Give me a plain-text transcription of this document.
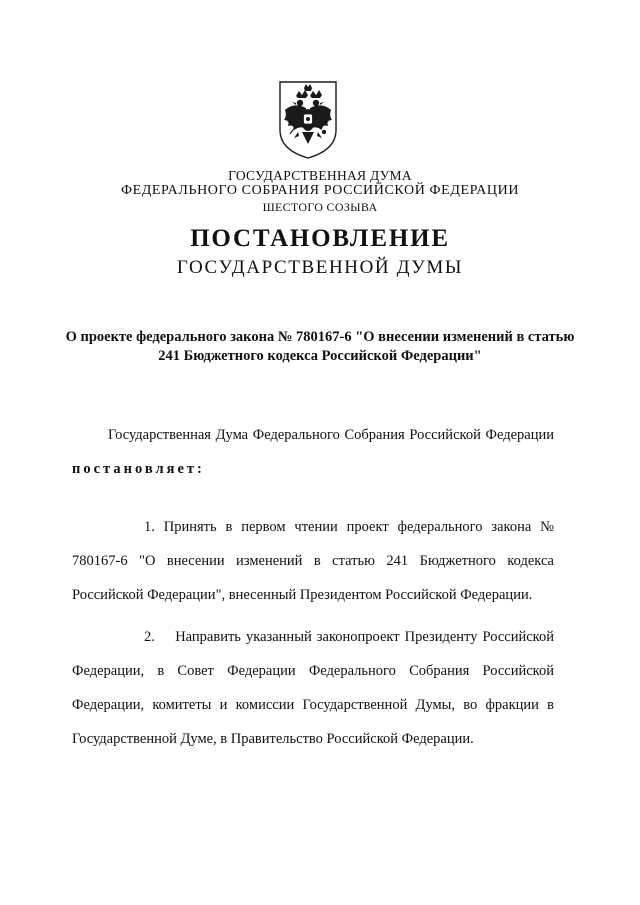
ГОСУДАРСТВЕННАЯ ДУМА
ФЕДЕРАЛЬНОГО СОБРАНИЯ РОССИЙСКОЙ ФЕДЕРАЦИИ
ШЕСТОГО СОЗЫВА
ПОСТАНОВЛЕНИЕ
ГОСУДАРСТВЕННОЙ ДУМЫ
О проекте федерального закона № 780167-6 "О внесении изменений в статью 241 Бюджетного кодекса Российской Федерации"
Государственная Дума Федерального Собрания Российской Федерации постановляет:
1. Принять в первом чтении проект федерального закона № 780167-6 "О внесении изменений в статью 241 Бюджетного кодекса Российской Федерации", внесенный Президентом Российской Федерации.
2. Направить указанный законопроект Президенту Российской Федерации, в Совет Федерации Федерального Собрания Российской Федерации, комитеты и комиссии Государственной Думы, во фракции в Государственной Думе, в Правительство Российской Федерации.
